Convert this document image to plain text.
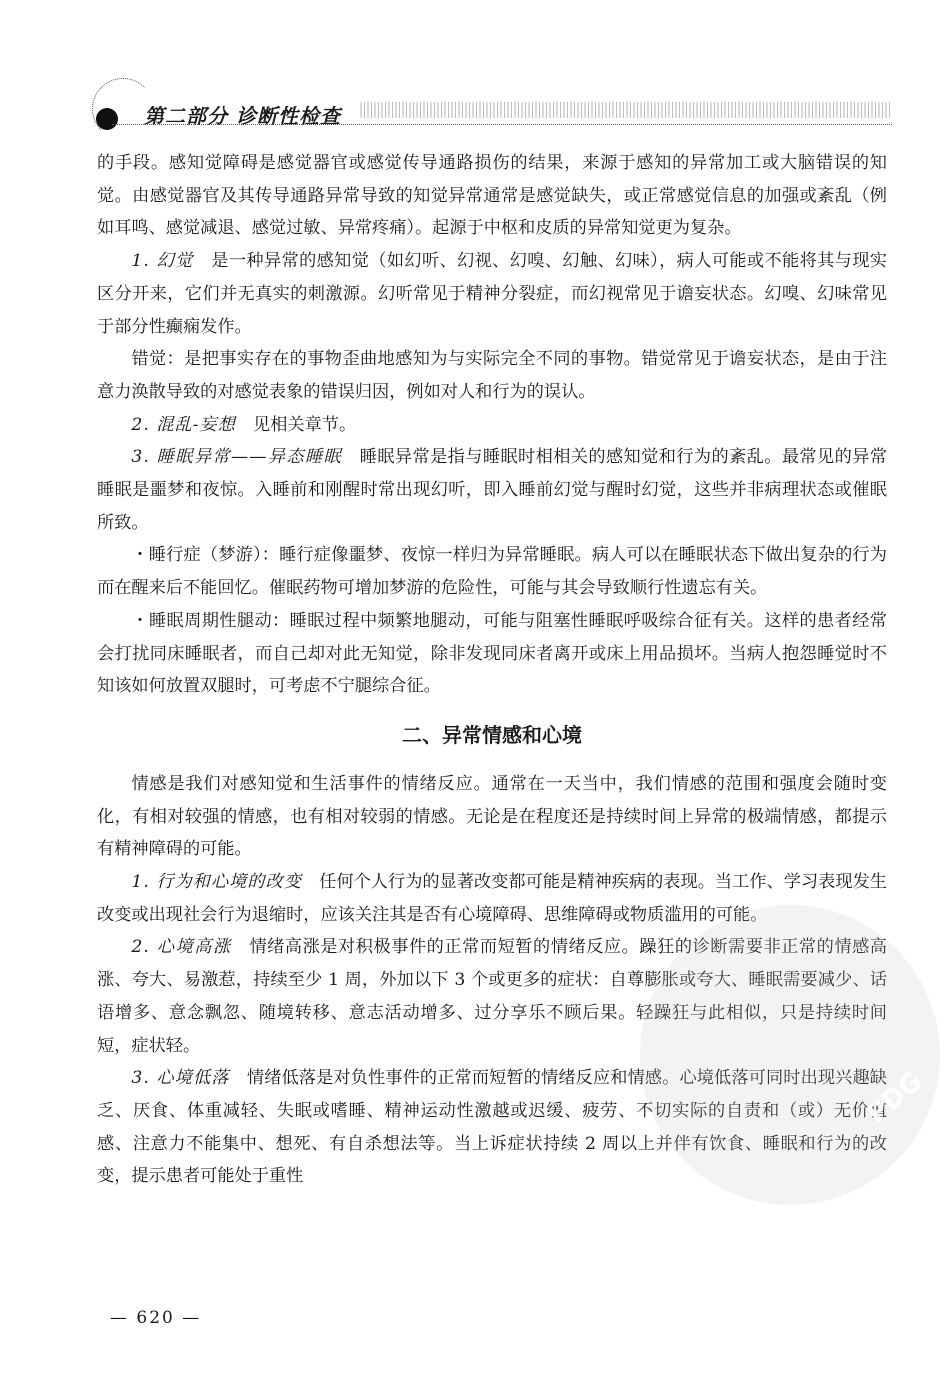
第二部分 诊断性检查

的手段。感知觉障碍是感觉器官或感觉传导通路损伤的结果，来源于感知的异常加工或大脑错误的知觉。由感觉器官及其传导通路异常导致的知觉异常通常是感觉缺失，或正常感觉信息的加强或紊乱（例如耳鸣、感觉减退、感觉过敏、异常疼痛）。起源于中枢和皮质的异常知觉更为复杂。

1. 幻觉　 是一种异常的感知觉（如幻听、幻视、幻嗅、幻触、幻味），病人可能或不能将其与现实区分开来，它们并无真实的刺激源。幻听常见于精神分裂症，而幻视常见于谵妄状态。幻嗅、幻味常见于部分性癫痫发作。

错觉：是把事实存在的事物歪曲地感知为与实际完全不同的事物。错觉常见于谵妄状态，是由于注意力涣散导致的对感觉表象的错误归因，例如对人和行为的误认。

2. 混乱-妄想　 见相关章节。

3. 睡眠异常——异态睡眠　 睡眠异常是指与睡眠时相相关的感知觉和行为的紊乱。最常见的异常睡眠是噩梦和夜惊。入睡前和刚醒时常出现幻听，即入睡前幻觉与醒时幻觉，这些并非病理状态或催眠所致。

・睡行症（梦游）：睡行症像噩梦、夜惊一样归为异常睡眠。病人可以在睡眠状态下做出复杂的行为而在醒来后不能回忆。催眠药物可增加梦游的危险性，可能与其会导致顺行性遗忘有关。

・睡眠周期性腿动：睡眠过程中频繁地腿动，可能与阻塞性睡眠呼吸综合征有关。这样的患者经常会打扰同床睡眠者，而自己却对此无知觉，除非发现同床者离开或床上用品损坏。当病人抱怨睡觉时不知该如何放置双腿时，可考虑不宁腿综合征。

二、异常情感和心境

情感是我们对感知觉和生活事件的情绪反应。通常在一天当中，我们情感的范围和强度会随时变化，有相对较强的情感，也有相对较弱的情感。无论是在程度还是持续时间上异常的极端情感，都提示有精神障碍的可能。

1. 行为和心境的改变　 任何个人行为的显著改变都可能是精神疾病的表现。当工作、学习表现发生改变或出现社会行为退缩时，应该关注其是否有心境障碍、思维障碍或物质滥用的可能。

2. 心境高涨　 情绪高涨是对积极事件的正常而短暂的情绪反应。躁狂的诊断需要非正常的情感高涨、夸大、易激惹，持续至少 1 周，外加以下 3 个或更多的症状：自尊膨胀或夸大、睡眠需要减少、话语增多、意念飘忽、随境转移、意志活动增多、过分享乐不顾后果。轻躁狂与此相似，只是持续时间短，症状轻。

3. 心境低落　 情绪低落是对负性事件的正常而短暂的情绪反应和情感。心境低落可同时出现兴趣缺乏、厌食、体重减轻、失眠或嗜睡、精神运动性激越或迟缓、疲劳、不切实际的自责和（或）无价值感、注意力不能集中、想死、有自杀想法等。当上诉症状持续 2 周以上并伴有饮食、睡眠和行为的改变，提示患者可能处于重性

PDG
— 620 —
